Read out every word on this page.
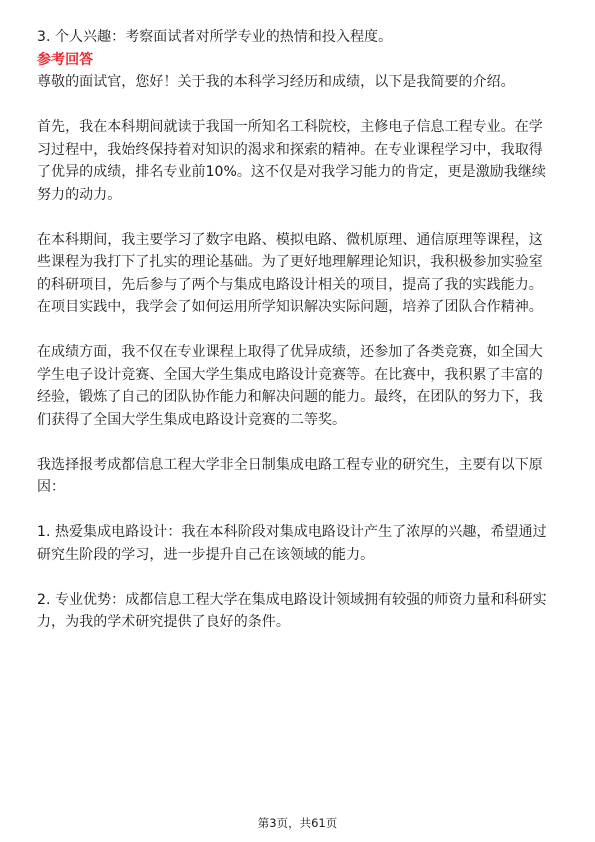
3. 个人兴趣：考察面试者对所学专业的热情和投入程度。
参考回答
尊敬的面试官，您好！关于我的本科学习经历和成绩，以下是我简要的介绍。
首先，我在本科期间就读于我国一所知名工科院校，主修电子信息工程专业。在学
习过程中，我始终保持着对知识的渴求和探索的精神。在专业课程学习中，我取得
了优异的成绩，排名专业前10%。这不仅是对我学习能力的肯定，更是激励我继续
努力的动力。
在本科期间，我主要学习了数字电路、模拟电路、微机原理、通信原理等课程，这
些课程为我打下了扎实的理论基础。为了更好地理解理论知识，我积极参加实验室
的科研项目，先后参与了两个与集成电路设计相关的项目，提高了我的实践能力。
在项目实践中，我学会了如何运用所学知识解决实际问题，培养了团队合作精神。
在成绩方面，我不仅在专业课程上取得了优异成绩，还参加了各类竞赛，如全国大
学生电子设计竞赛、全国大学生集成电路设计竞赛等。在比赛中，我积累了丰富的
经验，锻炼了自己的团队协作能力和解决问题的能力。最终，在团队的努力下，我
们获得了全国大学生集成电路设计竞赛的二等奖。
我选择报考成都信息工程大学非全日制集成电路工程专业的研究生，主要有以下原
因：
1. 热爱集成电路设计：我在本科阶段对集成电路设计产生了浓厚的兴趣，希望通过
研究生阶段的学习，进一步提升自己在该领域的能力。
2. 专业优势：成都信息工程大学在集成电路设计领域拥有较强的师资力量和科研实
力，为我的学术研究提供了良好的条件。
第3页，共61页
